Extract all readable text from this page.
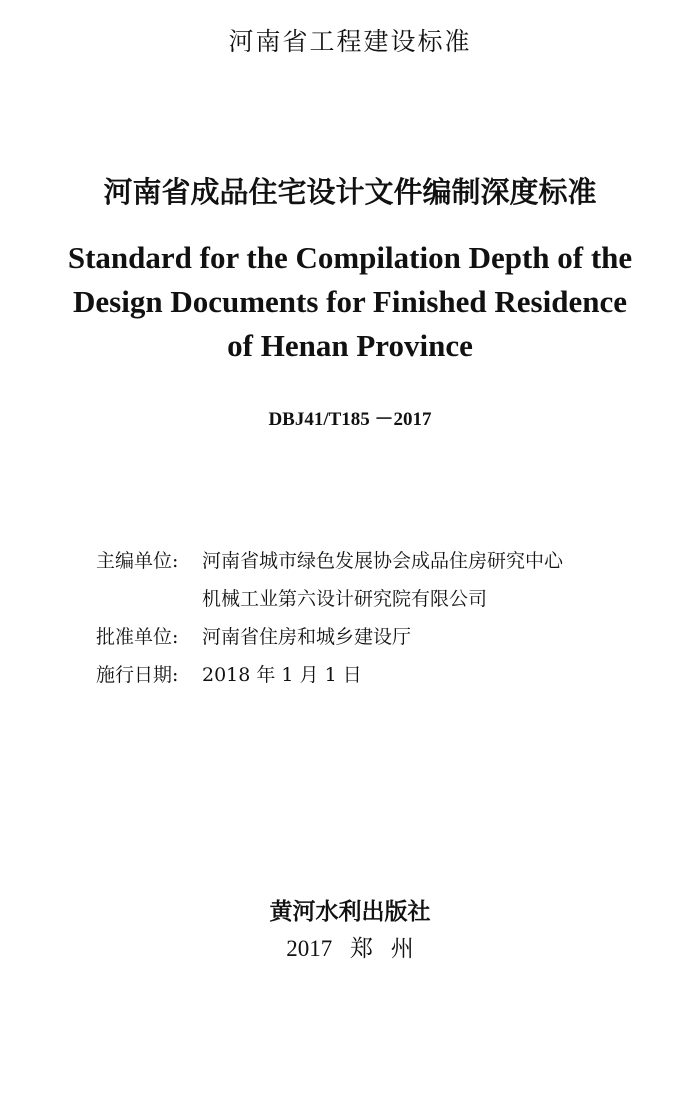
河南省工程建设标准
河南省成品住宅设计文件编制深度标准
Standard for the Compilation Depth of the
Design Documents for Finished Residence
of Henan Province
DBJ41/T185 －2017
主编单位:	河南省城市绿色发展协会成品住房研究中心
机械工业第六设计研究院有限公司
批准单位:	河南省住房和城乡建设厅
施行日期:	2018 年 1 月 1 日
黄河水利出版社
2017 郑 州
